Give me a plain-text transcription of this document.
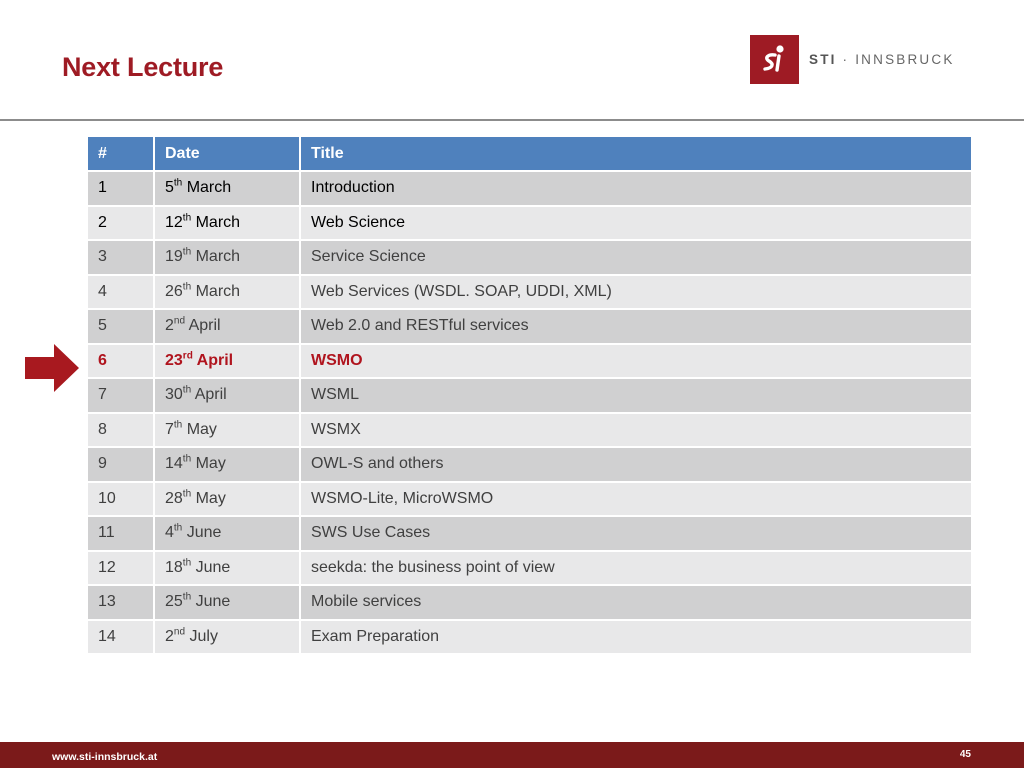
Next Lecture	STI · INNSBRUCK
#	Date	Title
1	5th March	Introduction
2	12th March	Web Science
3	19th March	Service Science
4	26th March	Web Services (WSDL. SOAP, UDDI, XML)
5	2nd April	Web 2.0 and RESTful services
6	23rd April	WSMO
7	30th April	WSML
8	7th May	WSMX
9	14th May	OWL-S and others
10	28th May	WSMO-Lite, MicroWSMO
11	4th June	SWS Use Cases
12	18th June	seekda: the business point of view
13	25th June	Mobile services
14	2nd July	Exam Preparation
www.sti-innsbruck.at	45
